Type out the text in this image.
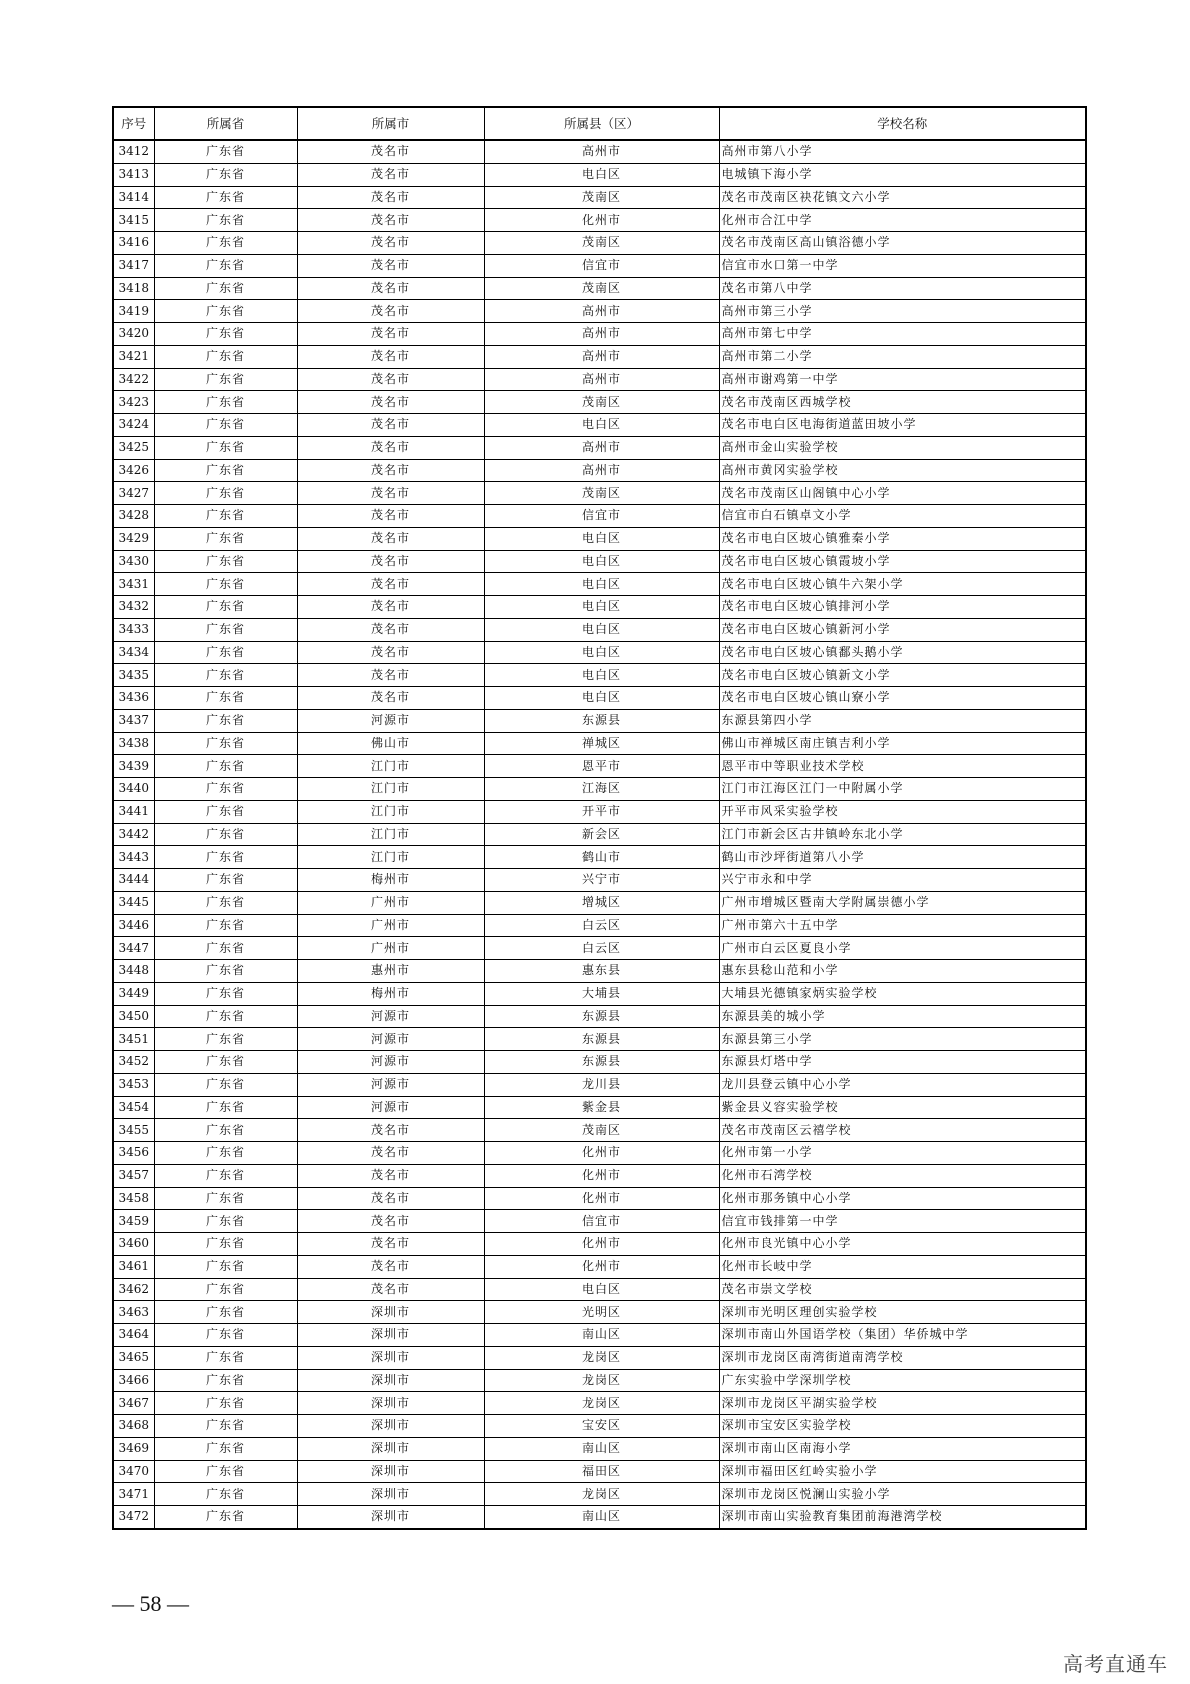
序号	所属省	所属市	所属县（区）	学校名称
3412	广东省	茂名市	高州市	高州市第八小学
3413	广东省	茂名市	电白区	电城镇下海小学
3414	广东省	茂名市	茂南区	茂名市茂南区袂花镇文六小学
3415	广东省	茂名市	化州市	化州市合江中学
3416	广东省	茂名市	茂南区	茂名市茂南区高山镇浴德小学
3417	广东省	茂名市	信宜市	信宜市水口第一中学
3418	广东省	茂名市	茂南区	茂名市第八中学
3419	广东省	茂名市	高州市	高州市第三小学
3420	广东省	茂名市	高州市	高州市第七中学
3421	广东省	茂名市	高州市	高州市第二小学
3422	广东省	茂名市	高州市	高州市谢鸡第一中学
3423	广东省	茂名市	茂南区	茂名市茂南区西城学校
3424	广东省	茂名市	电白区	茂名市电白区电海街道蓝田坡小学
3425	广东省	茂名市	高州市	高州市金山实验学校
3426	广东省	茂名市	高州市	高州市黄冈实验学校
3427	广东省	茂名市	茂南区	茂名市茂南区山阁镇中心小学
3428	广东省	茂名市	信宜市	信宜市白石镇卓文小学
3429	广东省	茂名市	电白区	茂名市电白区坡心镇雅秦小学
3430	广东省	茂名市	电白区	茂名市电白区坡心镇霞坡小学
3431	广东省	茂名市	电白区	茂名市电白区坡心镇牛六架小学
3432	广东省	茂名市	电白区	茂名市电白区坡心镇排河小学
3433	广东省	茂名市	电白区	茂名市电白区坡心镇新河小学
3434	广东省	茂名市	电白区	茂名市电白区坡心镇鄱头鹅小学
3435	广东省	茂名市	电白区	茂名市电白区坡心镇新文小学
3436	广东省	茂名市	电白区	茂名市电白区坡心镇山寮小学
3437	广东省	河源市	东源县	东源县第四小学
3438	广东省	佛山市	禅城区	佛山市禅城区南庄镇吉利小学
3439	广东省	江门市	恩平市	恩平市中等职业技术学校
3440	广东省	江门市	江海区	江门市江海区江门一中附属小学
3441	广东省	江门市	开平市	开平市风采实验学校
3442	广东省	江门市	新会区	江门市新会区古井镇岭东北小学
3443	广东省	江门市	鹤山市	鹤山市沙坪街道第八小学
3444	广东省	梅州市	兴宁市	兴宁市永和中学
3445	广东省	广州市	增城区	广州市增城区暨南大学附属崇德小学
3446	广东省	广州市	白云区	广州市第六十五中学
3447	广东省	广州市	白云区	广州市白云区夏良小学
3448	广东省	惠州市	惠东县	惠东县稔山范和小学
3449	广东省	梅州市	大埔县	大埔县光德镇家炳实验学校
3450	广东省	河源市	东源县	东源县美的城小学
3451	广东省	河源市	东源县	东源县第三小学
3452	广东省	河源市	东源县	东源县灯塔中学
3453	广东省	河源市	龙川县	龙川县登云镇中心小学
3454	广东省	河源市	紫金县	紫金县义容实验学校
3455	广东省	茂名市	茂南区	茂名市茂南区云禧学校
3456	广东省	茂名市	化州市	化州市第一小学
3457	广东省	茂名市	化州市	化州市石湾学校
3458	广东省	茂名市	化州市	化州市那务镇中心小学
3459	广东省	茂名市	信宜市	信宜市钱排第一中学
3460	广东省	茂名市	化州市	化州市良光镇中心小学
3461	广东省	茂名市	化州市	化州市长岐中学
3462	广东省	茂名市	电白区	茂名市崇文学校
3463	广东省	深圳市	光明区	深圳市光明区理创实验学校
3464	广东省	深圳市	南山区	深圳市南山外国语学校（集团）华侨城中学
3465	广东省	深圳市	龙岗区	深圳市龙岗区南湾街道南湾学校
3466	广东省	深圳市	龙岗区	广东实验中学深圳学校
3467	广东省	深圳市	龙岗区	深圳市龙岗区平湖实验学校
3468	广东省	深圳市	宝安区	深圳市宝安区实验学校
3469	广东省	深圳市	南山区	深圳市南山区南海小学
3470	广东省	深圳市	福田区	深圳市福田区红岭实验小学
3471	广东省	深圳市	龙岗区	深圳市龙岗区悦澜山实验小学
3472	广东省	深圳市	南山区	深圳市南山实验教育集团前海港湾学校
— 58 —
高考直通车
